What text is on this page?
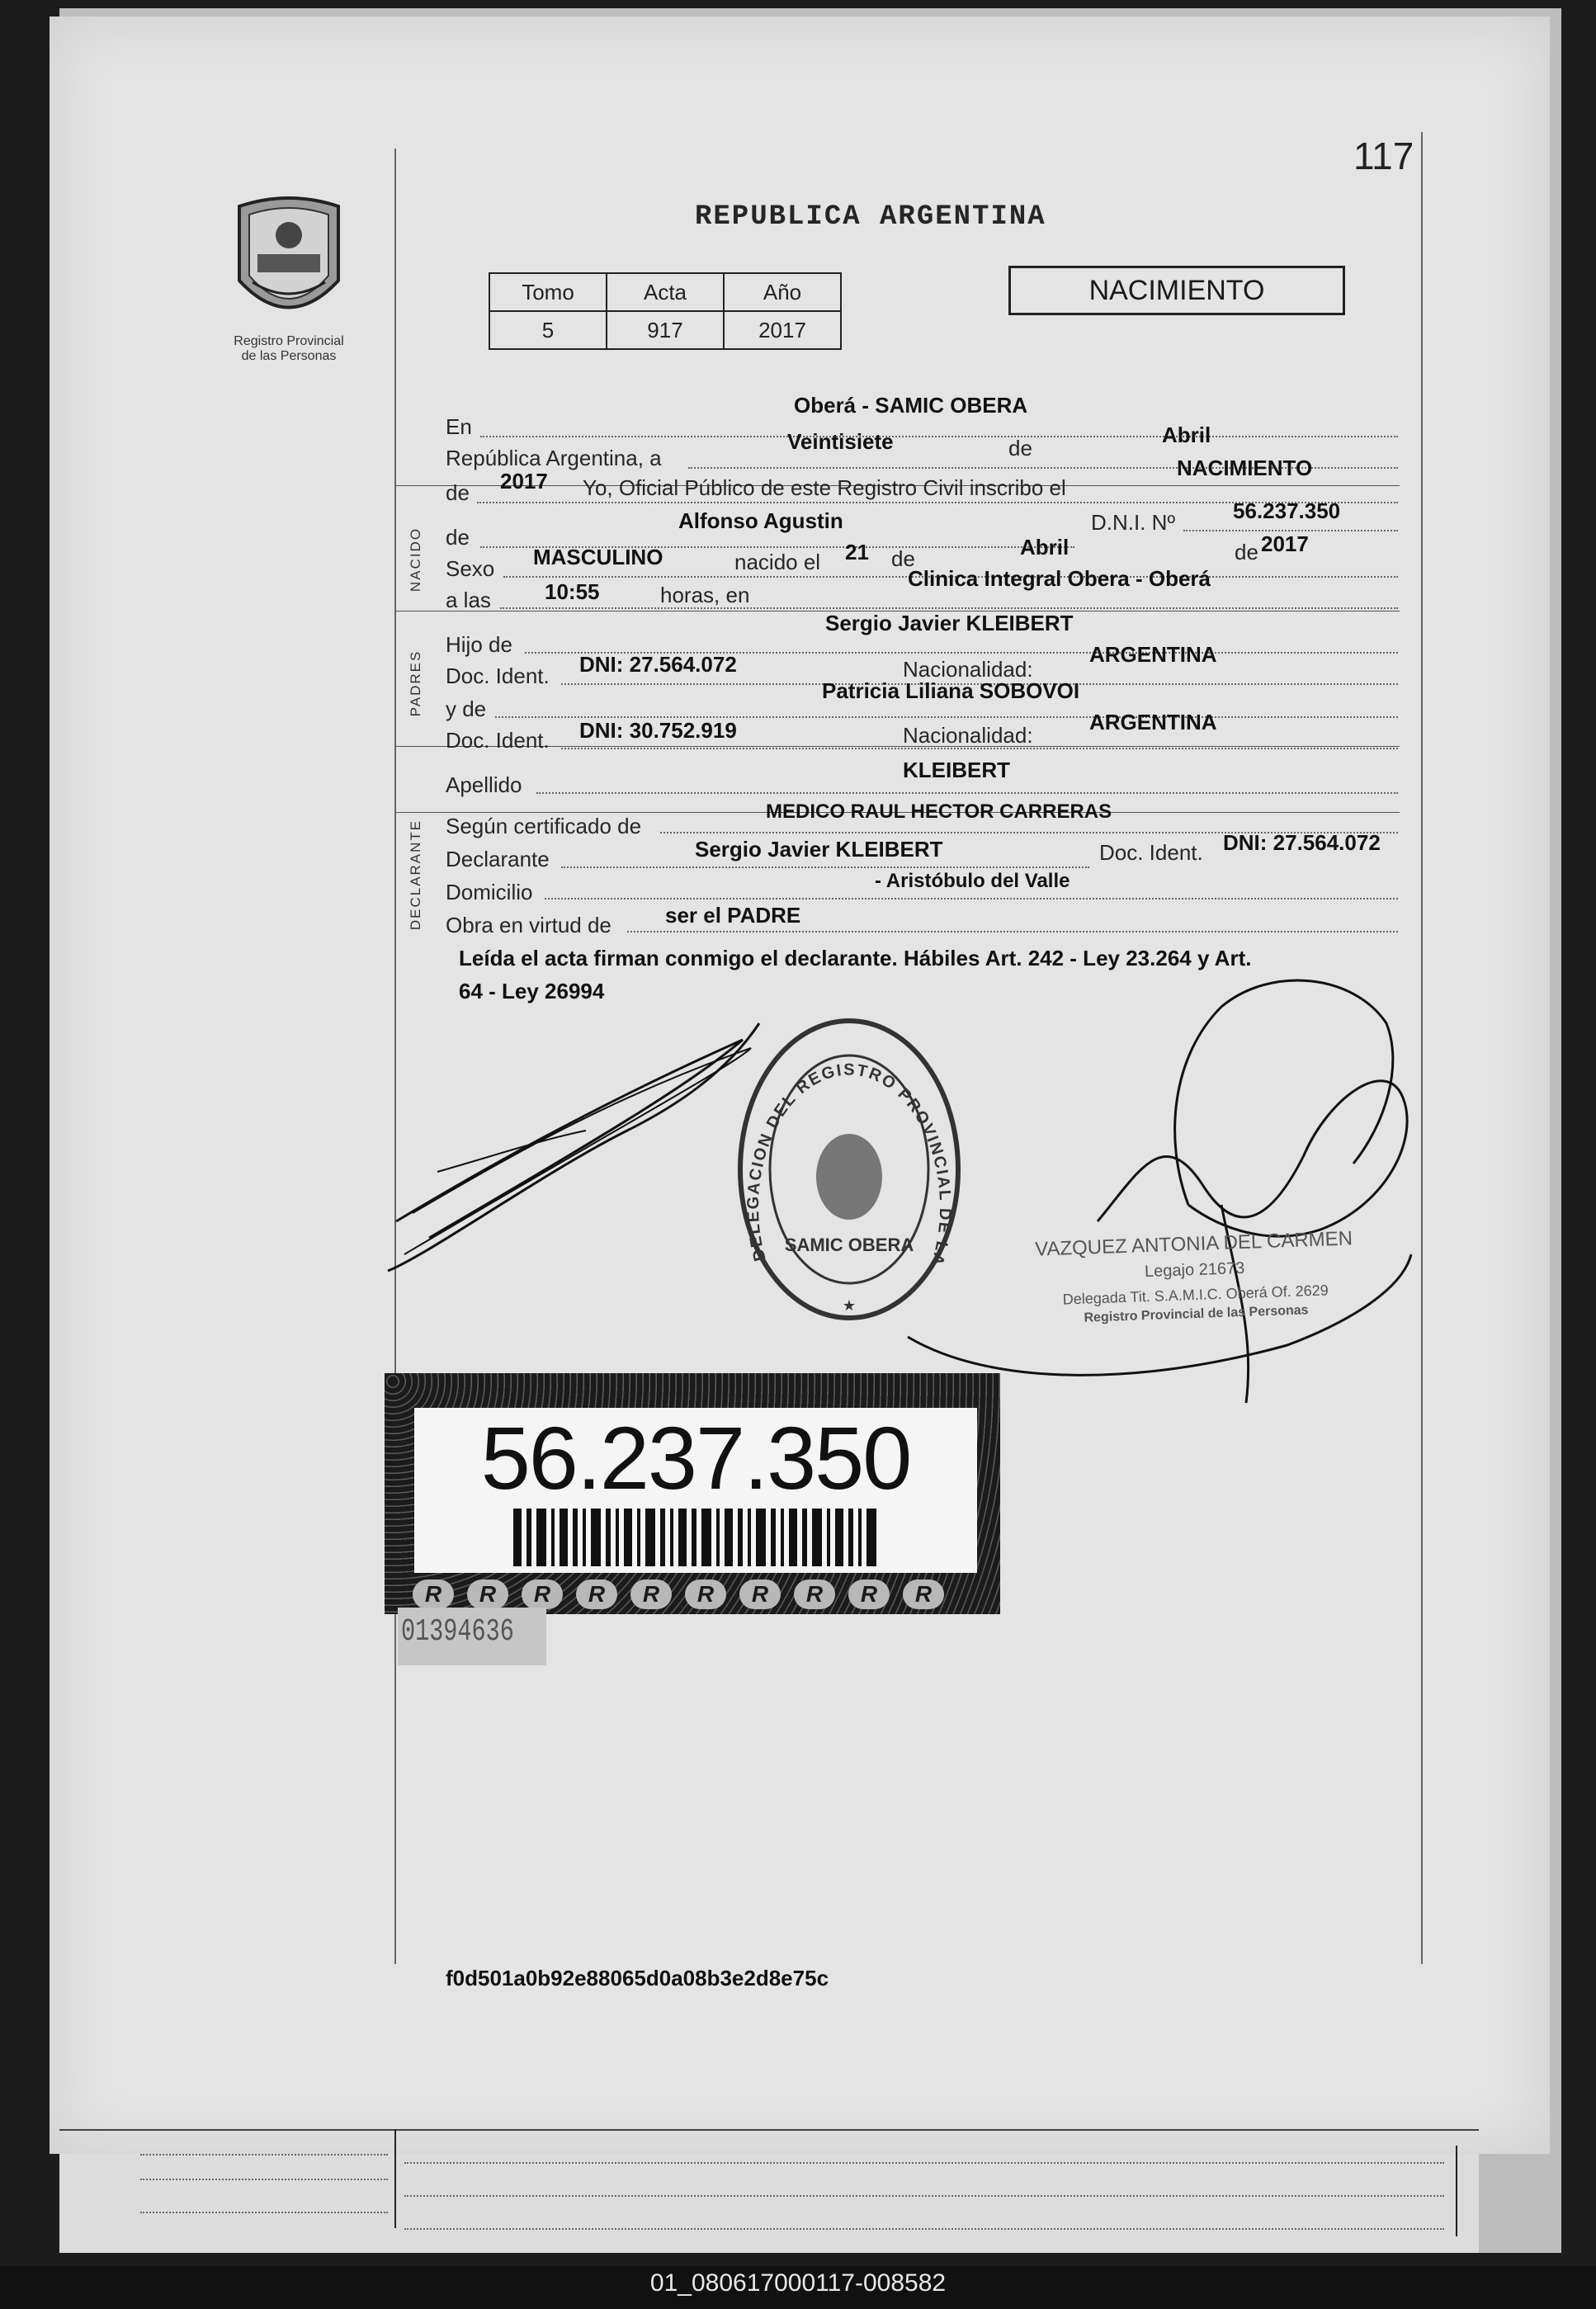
117
Registro Provincial
de las Personas
REPUBLICA ARGENTINA
Tomo	Acta	Año
5	917	2017
NACIMIENTO
NACIDO
PADRES
DECLARANTE
En
Oberá - SAMIC OBERA
República Argentina, a
Veintisiete	de
Abril
de 2017 Yo, Oficial Público de este Registro Civil inscribo el
NACIMIENTO
de
Alfonso Agustin	D.N.I. Nº	56.237.350
Sexo MASCULINO	nacido el 21 de	Abril	de 2017
a las	10:55	horas, en
Clinica Integral Obera - Oberá
Hijo de
Sergio Javier KLEIBERT
Doc. Ident. DNI: 27.564.072	Nacionalidad:
ARGENTINA
y de
Patricia Liliana SOBOVOI
Doc. Ident. DNI: 30.752.919	Nacionalidad:
ARGENTINA
Apellido
KLEIBERT
Según certificado de
MEDICO RAUL HECTOR CARRERAS
Declarante	Sergio Javier KLEIBERT	Doc. Ident. DNI: 27.564.072
Domicilio	- Aristóbulo del Valle
Obra en virtud de	ser el PADRE
Leída el acta firman conmigo el declarante. Hábiles Art. 242 - Ley 23.264 y Art.
64 - Ley 26994
DELEGACION DEL REGISTRO PROVINCIAL DE LA
SAMIC OBERA
★
VAZQUEZ ANTONIA DEL CARMEN
Legajo 21673
Delegada Tit. S.A.M.I.C. Oberá Of. 2629
Registro Provincial de las Personas
56.237.350
R	R	R	R	R	R	R	R	R	R
01394636
f0d501a0b92e88065d0a08b3e2d8e75c
01_080617000117-008582
